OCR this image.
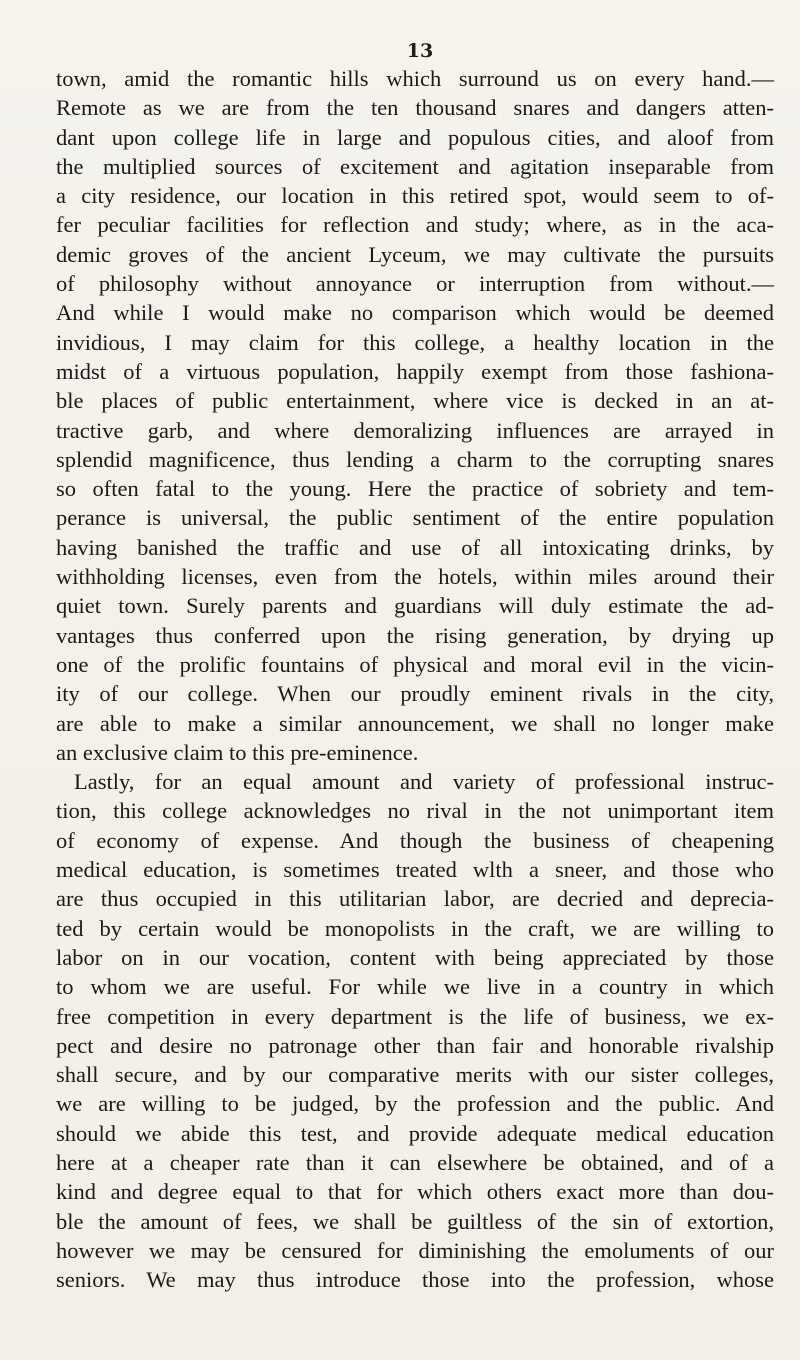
13
town, amid the romantic hills which surround us on every hand.—
Remote as we are from the ten thousand snares and dangers atten-
dant upon college life in large and populous cities, and aloof from
the multiplied sources of excitement and agitation inseparable from
a city residence, our location in this retired spot, would seem to of-
fer peculiar facilities for reflection and study; where, as in the aca-
demic groves of the ancient Lyceum, we may cultivate the pursuits
of philosophy without annoyance or interruption from without.—
And while I would make no comparison which would be deemed
invidious, I may claim for this college, a healthy location in the
midst of a virtuous population, happily exempt from those fashiona-
ble places of public entertainment, where vice is decked in an at-
tractive garb, and where demoralizing influences are arrayed in
splendid magnificence, thus lending a charm to the corrupting snares
so often fatal to the young. Here the practice of sobriety and tem-
perance is universal, the public sentiment of the entire population
having banished the traffic and use of all intoxicating drinks, by
withholding licenses, even from the hotels, within miles around their
quiet town. Surely parents and guardians will duly estimate the ad-
vantages thus conferred upon the rising generation, by drying up
one of the prolific fountains of physical and moral evil in the vicin-
ity of our college. When our proudly eminent rivals in the city,
are able to make a similar announcement, we shall no longer make
an exclusive claim to this pre-eminence.
Lastly, for an equal amount and variety of professional instruc-
tion, this college acknowledges no rival in the not unimportant item
of economy of expense. And though the business of cheapening
medical education, is sometimes treated wlth a sneer, and those who
are thus occupied in this utilitarian labor, are decried and deprecia-
ted by certain would be monopolists in the craft, we are willing to
labor on in our vocation, content with being appreciated by those
to whom we are useful. For while we live in a country in which
free competition in every department is the life of business, we ex-
pect and desire no patronage other than fair and honorable rivalship
shall secure, and by our comparative merits with our sister colleges,
we are willing to be judged, by the profession and the public. And
should we abide this test, and provide adequate medical education
here at a cheaper rate than it can elsewhere be obtained, and of a
kind and degree equal to that for which others exact more than dou-
ble the amount of fees, we shall be guiltless of the sin of extortion,
however we may be censured for diminishing the emoluments of our
seniors. We may thus introduce those into the profession, whose
